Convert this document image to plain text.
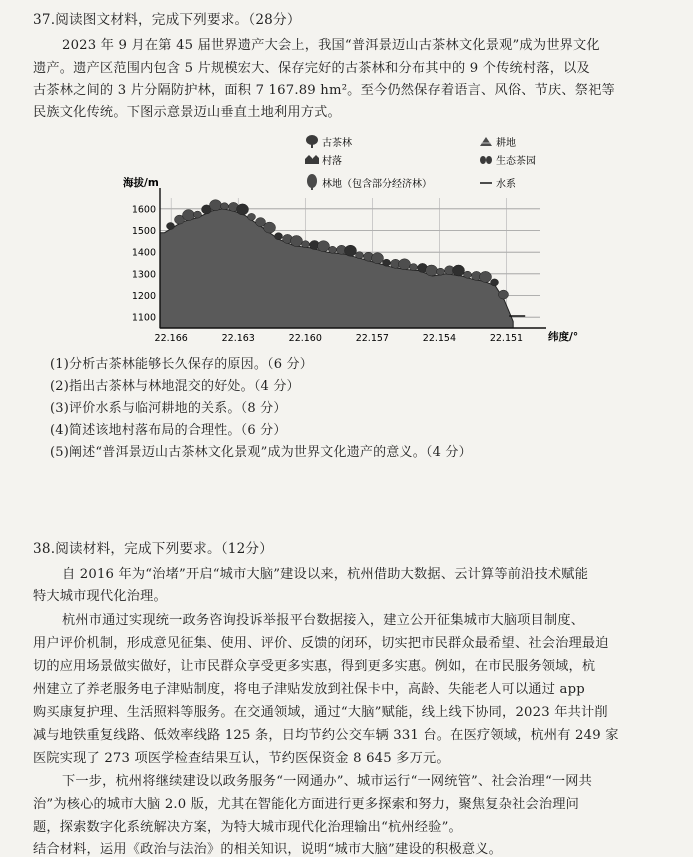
37.阅读图文材料，完成下列要求。（28分）
2023 年 9 月在第 45 届世界遗产大会上，我国“普洱景迈山古茶林文化景观”成为世界文化
遗产。遗产区范围内包含 5 片规模宏大、保存完好的古茶林和分布其中的 9 个传统村落，以及
古茶林之间的 3 片分隔防护林，面积 7 167.89 hm²。至今仍然保存着语言、风俗、节庆、祭祀等
民族文化传统。下图示意景迈山垂直土地利用方式。
古茶林	耕地
村落	生态茶园
林地（包含部分经济林）	水系
海拔/m
纬度/°
1100
1200
1300
1400
1500
1600
22.166	22.163	22.160	22.157	22.154	22.151
(1)分析古茶林能够长久保存的原因。（6 分）
(2)指出古茶林与林地混交的好处。（4 分）
(3)评价水系与临河耕地的关系。（8 分）
(4)简述该地村落布局的合理性。（6 分）
(5)阐述“普洱景迈山古茶林文化景观”成为世界文化遗产的意义。（4 分）
38.阅读材料，完成下列要求。（12分）
自 2016 年为“治堵”开启“城市大脑”建设以来，杭州借助大数据、云计算等前沿技术赋能
特大城市现代化治理。
杭州市通过实现统一政务咨询投诉举报平台数据接入，建立公开征集城市大脑项目制度、
用户评价机制，形成意见征集、使用、评价、反馈的闭环，切实把市民群众最希望、社会治理最迫
切的应用场景做实做好，让市民群众享受更多实惠，得到更多实惠。例如，在市民服务领域，杭
州建立了养老服务电子津贴制度，将电子津贴发放到社保卡中，高龄、失能老人可以通过 app
购买康复护理、生活照料等服务。在交通领域，通过“大脑”赋能，线上线下协同，2023 年共计削
减与地铁重复线路、低效率线路 125 条，日均节约公交车辆 331 台。在医疗领域，杭州有 249 家
医院实现了 273 项医学检查结果互认，节约医保资金 8 645 多万元。
下一步，杭州将继续建设以政务服务“一网通办”、城市运行“一网统管”、社会治理“一网共
治”为核心的城市大脑 2.0 版，尤其在智能化方面进行更多探索和努力，聚焦复杂社会治理问
题，探索数字化系统解决方案，为特大城市现代化治理输出“杭州经验”。
结合材料，运用《政治与法治》的相关知识，说明“城市大脑”建设的积极意义。
